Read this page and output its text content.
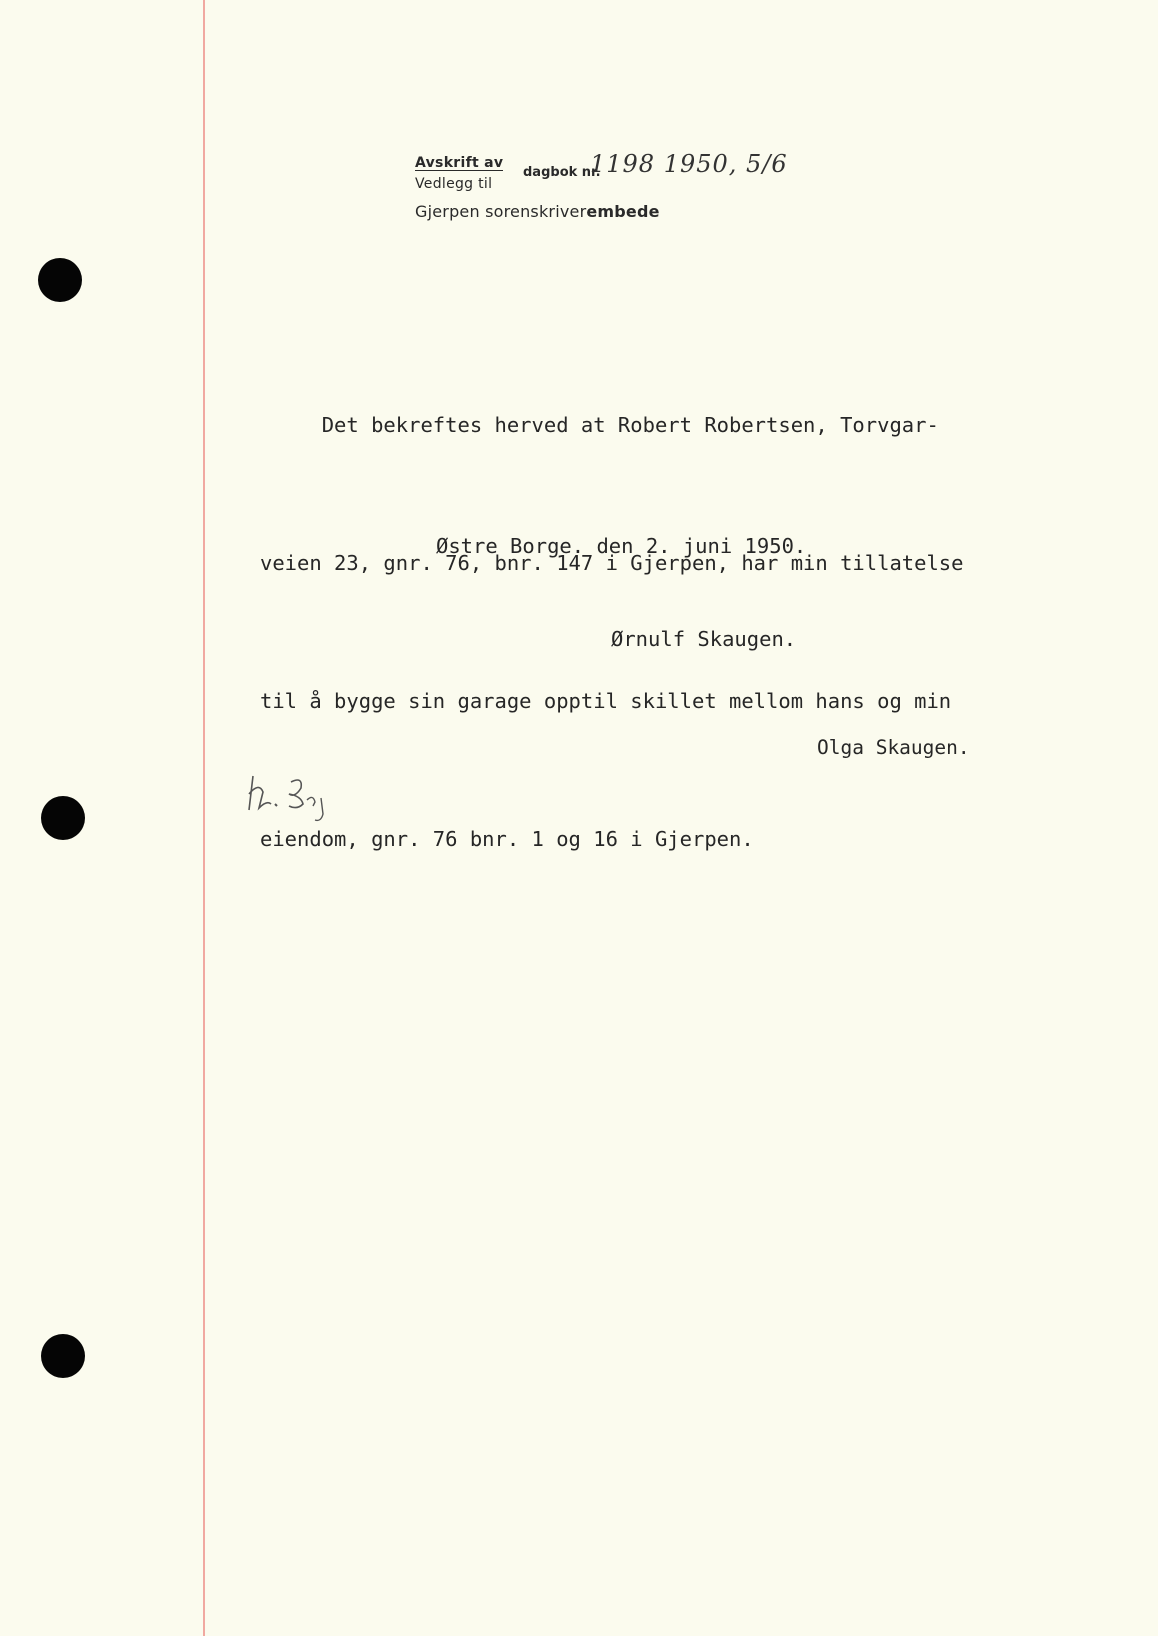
Avskrift av
Vedlegg til
dagbok nr.
1198 1950, 5/6
Gjerpen sorenskriverembede

Det bekreftes herved at Robert Robertsen, Torvgar-

veien 23, gnr. 76, bnr. 147 i Gjerpen, har min tillatelse

til å bygge sin garage opptil skillet mellom hans og min

eiendom, gnr. 76 bnr. 1 og 16 i Gjerpen.

Østre Borge. den 2. juni 1950.
Ørnulf Skaugen.
Olga Skaugen.
